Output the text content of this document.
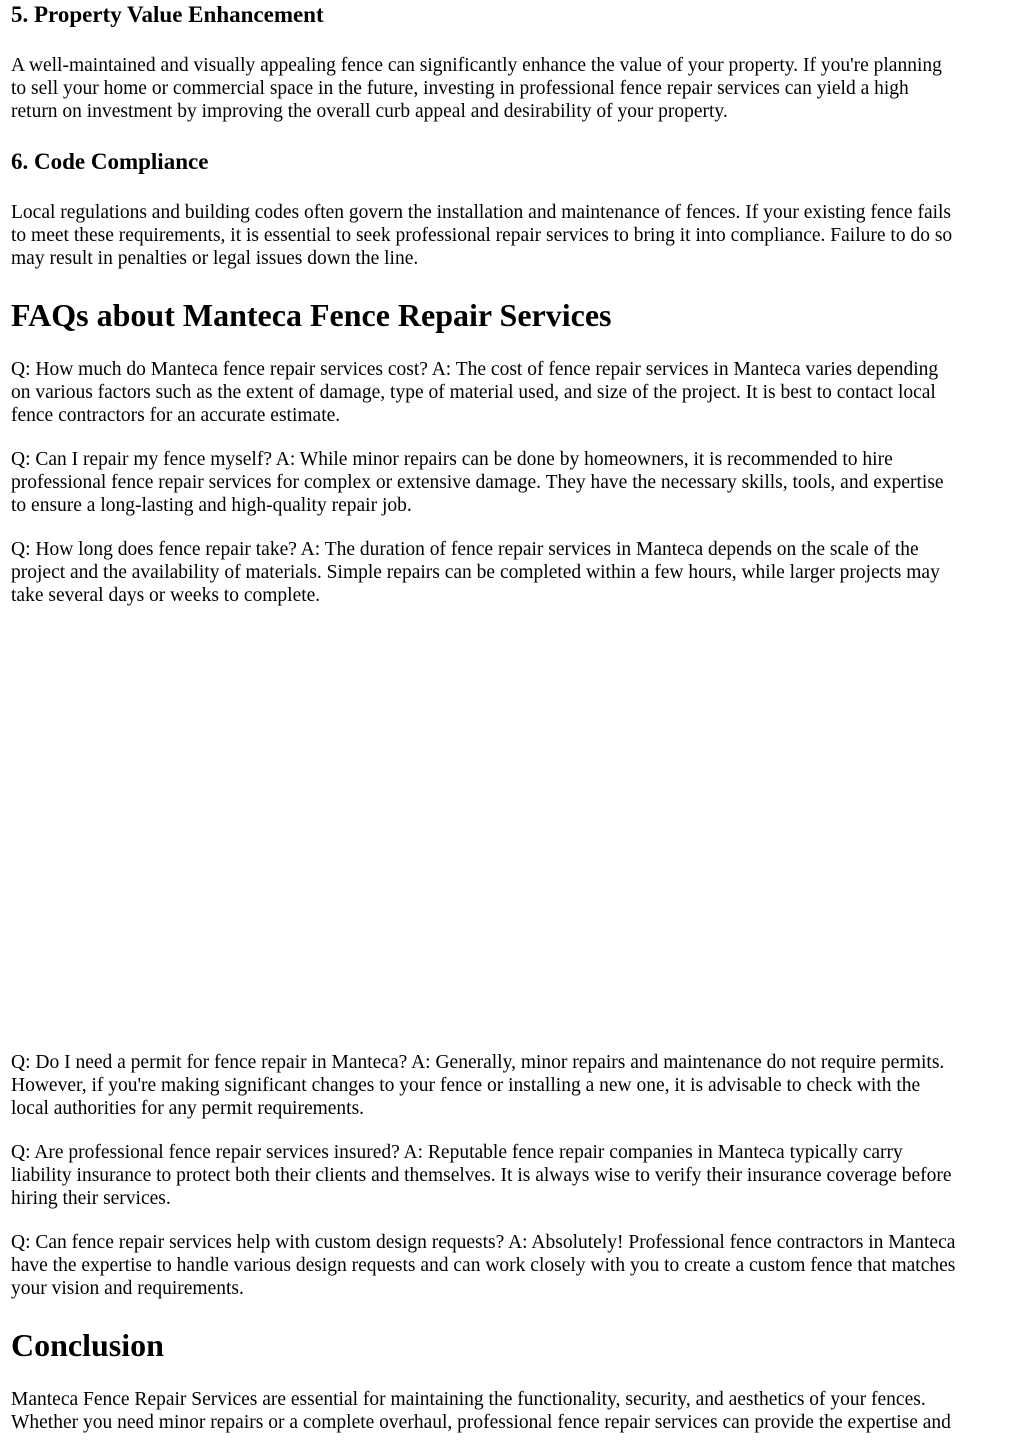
5. Property Value Enhancement

A well-maintained and visually appealing fence can significantly enhance the value of your property. If you're planning
to sell your home or commercial space in the future, investing in professional fence repair services can yield a high
return on investment by improving the overall curb appeal and desirability of your property.

6. Code Compliance

Local regulations and building codes often govern the installation and maintenance of fences. If your existing fence fails
to meet these requirements, it is essential to seek professional repair services to bring it into compliance. Failure to do so
may result in penalties or legal issues down the line.

FAQs about Manteca Fence Repair Services

Q: How much do Manteca fence repair services cost? A: The cost of fence repair services in Manteca varies depending
on various factors such as the extent of damage, type of material used, and size of the project. It is best to contact local
fence contractors for an accurate estimate.

Q: Can I repair my fence myself? A: While minor repairs can be done by homeowners, it is recommended to hire
professional fence repair services for complex or extensive damage. They have the necessary skills, tools, and expertise
to ensure a long-lasting and high-quality repair job.

Q: How long does fence repair take? A: The duration of fence repair services in Manteca depends on the scale of the
project and the availability of materials. Simple repairs can be completed within a few hours, while larger projects may
take several days or weeks to complete.

Q: Do I need a permit for fence repair in Manteca? A: Generally, minor repairs and maintenance do not require permits.
However, if you're making significant changes to your fence or installing a new one, it is advisable to check with the
local authorities for any permit requirements.

Q: Are professional fence repair services insured? A: Reputable fence repair companies in Manteca typically carry
liability insurance to protect both their clients and themselves. It is always wise to verify their insurance coverage before
hiring their services.

Q: Can fence repair services help with custom design requests? A: Absolutely! Professional fence contractors in Manteca
have the expertise to handle various design requests and can work closely with you to create a custom fence that matches
your vision and requirements.

Conclusion

Manteca Fence Repair Services are essential for maintaining the functionality, security, and aesthetics of your fences.
Whether you need minor repairs or a complete overhaul, professional fence repair services can provide the expertise and
